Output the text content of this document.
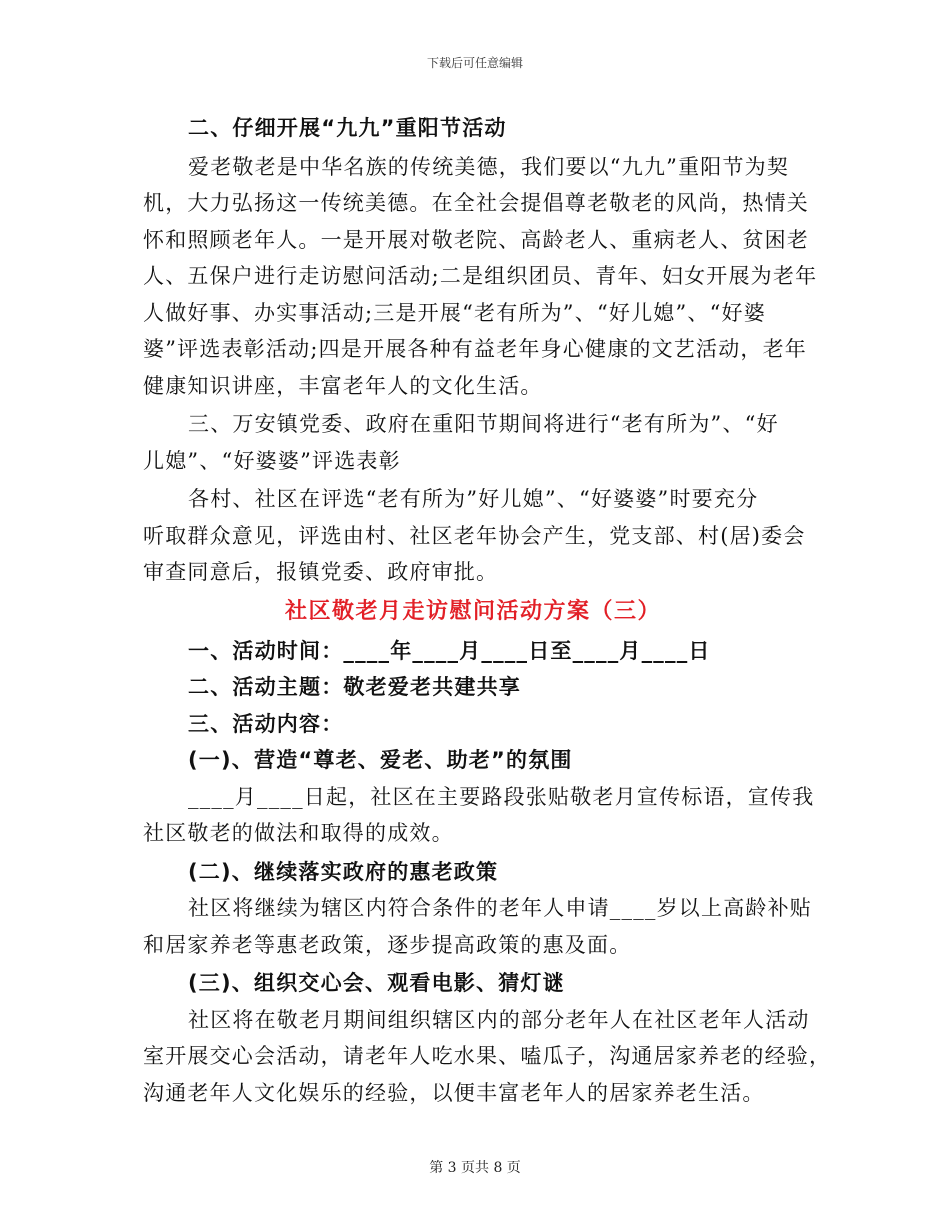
下载后可任意编辑
二、仔细开展“九九”重阳节活动
爱老敬老是中华名族的传统美德，我们要以“九九”重阳节为契
机，大力弘扬这一传统美德。在全社会提倡尊老敬老的风尚，热情关
怀和照顾老年人。一是开展对敬老院、高龄老人、重病老人、贫困老
人、五保户进行走访慰问活动;二是组织团员、青年、妇女开展为老年
人做好事、办实事活动;三是开展“老有所为”、“好儿媳”、“好婆
婆”评选表彰活动;四是开展各种有益老年身心健康的文艺活动，老年
健康知识讲座，丰富老年人的文化生活。
三、万安镇党委、政府在重阳节期间将进行“老有所为”、“好
儿媳”、“好婆婆”评选表彰
各村、社区在评选“老有所为”好儿媳”、“好婆婆”时要充分
听取群众意见，评选由村、社区老年协会产生，党支部、村(居)委会
审查同意后，报镇党委、政府审批。
社区敬老月走访慰问活动方案（三）
一、活动时间：____年____月____日至____月____日
二、活动主题：敬老爱老共建共享
三、活动内容：
(一)、营造“尊老、爱老、助老”的氛围
____月____日起，社区在主要路段张贴敬老月宣传标语，宣传我
社区敬老的做法和取得的成效。
(二)、继续落实政府的惠老政策
社区将继续为辖区内符合条件的老年人申请____岁以上高龄补贴
和居家养老等惠老政策，逐步提高政策的惠及面。
(三)、组织交心会、观看电影、猜灯谜
社区将在敬老月期间组织辖区内的部分老年人在社区老年人活动
室开展交心会活动，请老年人吃水果、嗑瓜子，沟通居家养老的经验，
沟通老年人文化娱乐的经验，以便丰富老年人的居家养老生活。
第 3 页共 8 页
